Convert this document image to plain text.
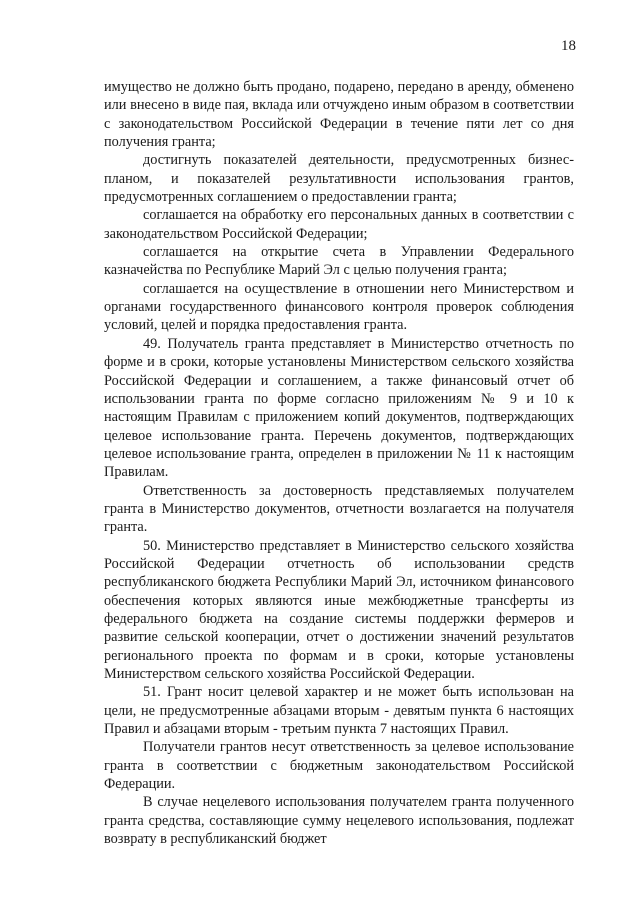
18

имущество не должно быть продано, подарено, передано в аренду, обменено или внесено в виде пая, вклада или отчуждено иным образом в соответствии с законодательством Российской Федерации в течение пяти лет со дня получения гранта;

достигнуть показателей деятельности, предусмотренных бизнес-планом, и показателей результативности использования грантов, предусмотренных соглашением о предоставлении гранта;

соглашается на обработку его персональных данных в соответствии с законодательством Российской Федерации;

соглашается на открытие счета в Управлении Федерального казначейства по Республике Марий Эл с целью получения гранта;

соглашается на осуществление в отношении него Министерством и органами государственного финансового контроля проверок соблюдения условий, целей и порядка предоставления гранта.

49. Получатель гранта представляет в Министерство отчетность по форме и в сроки, которые установлены Министерством сельского хозяйства Российской Федерации и соглашением, а также финансовый отчет об использовании гранта по форме согласно приложениям № 9 и 10 к настоящим Правилам с приложением копий документов, подтверждающих целевое использование гранта. Перечень документов, подтверждающих целевое использование гранта, определен в приложении № 11 к настоящим Правилам.

Ответственность за достоверность представляемых получателем гранта в Министерство документов, отчетности возлагается на получателя гранта.

50. Министерство представляет в Министерство сельского хозяйства Российской Федерации отчетность об использовании средств республиканского бюджета Республики Марий Эл, источником финансового обеспечения которых являются иные межбюджетные трансферты из федерального бюджета на создание системы поддержки фермеров и развитие сельской кооперации, отчет о достижении значений результатов регионального проекта по формам и в сроки, которые установлены Министерством сельского хозяйства Российской Федерации.

51. Грант носит целевой характер и не может быть использован на цели, не предусмотренные абзацами вторым - девятым пункта 6 настоящих Правил и абзацами вторым - третьим пункта 7 настоящих Правил.

Получатели грантов несут ответственность за целевое использование гранта в соответствии с бюджетным законодательством Российской Федерации.

В случае нецелевого использования получателем гранта полученного гранта средства, составляющие сумму нецелевого использования, подлежат возврату в республиканский бюджет
